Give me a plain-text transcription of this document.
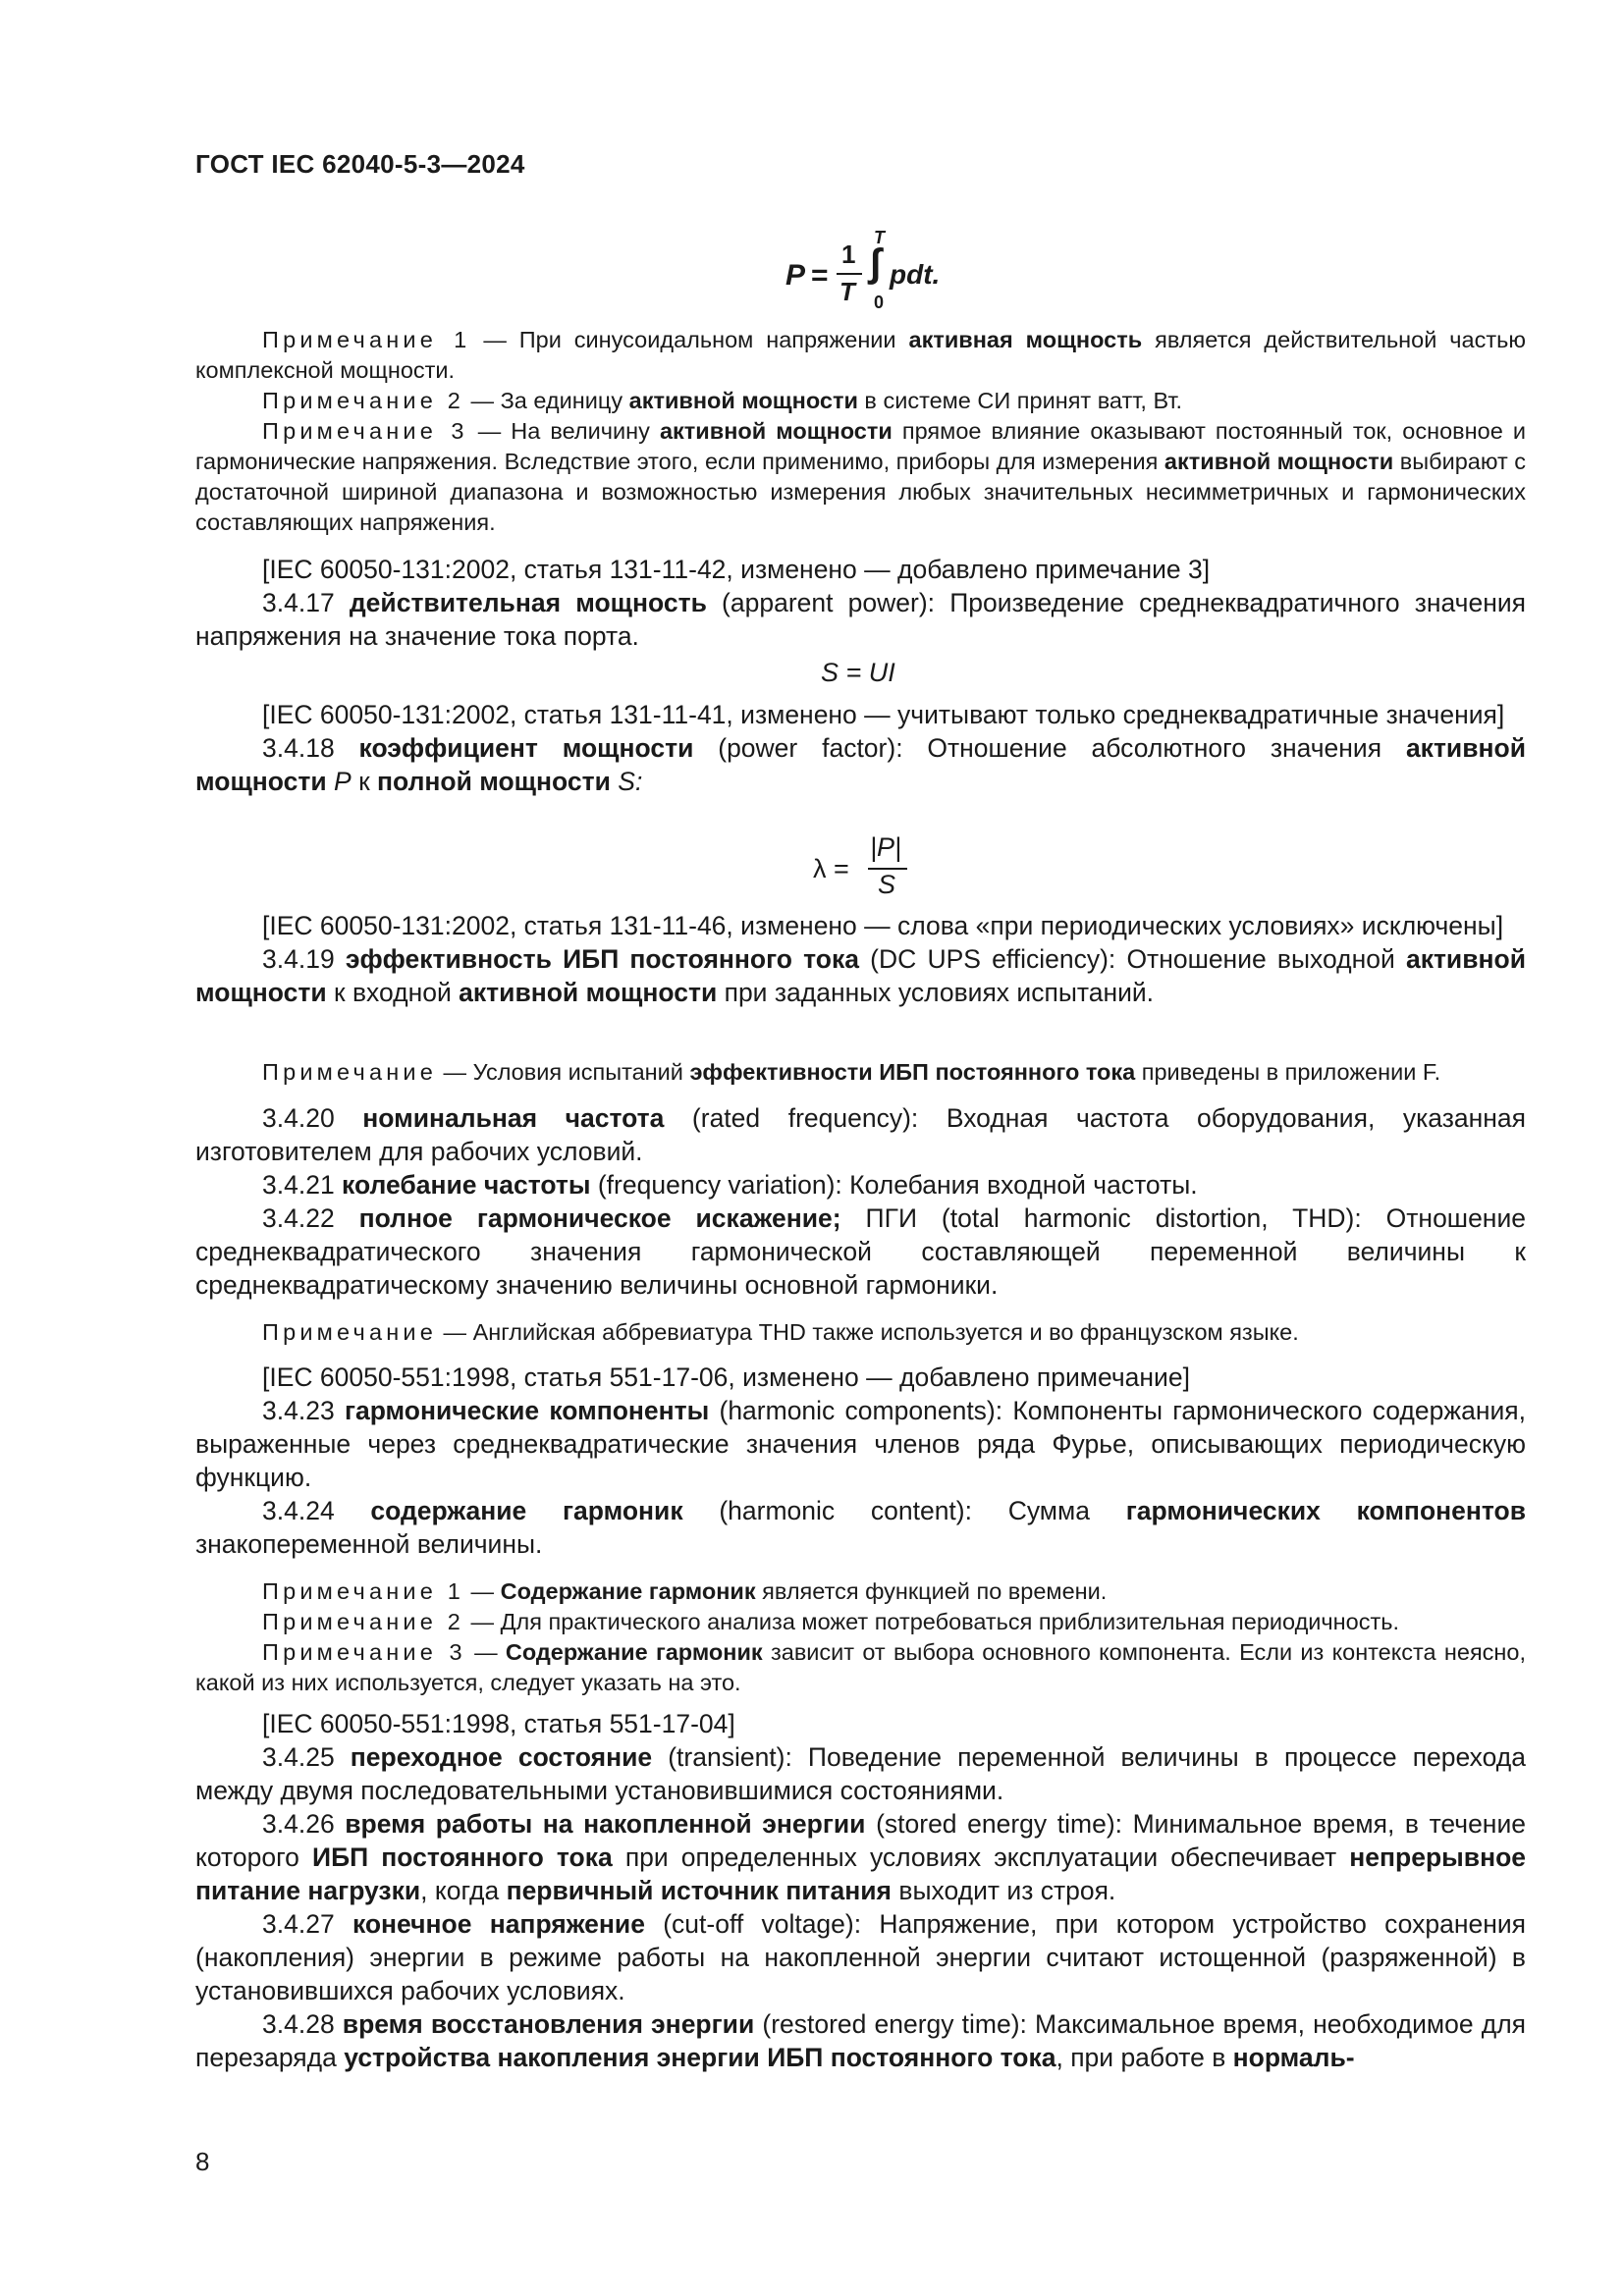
ГОСТ IEC 62040-5-3—2024
P =
1
T
T
∫
0
pdt.

Примечание 1 — При синусоидальном напряжении активная мощность является действительной частью комплексной мощности.

Примечание 2 — За единицу активной мощности в системе СИ принят ватт, Вт.

Примечание 3 — На величину активной мощности прямое влияние оказывают постоянный ток, основное и гармонические напряжения. Вследствие этого, если применимо, приборы для измерения активной мощности выбирают с достаточной шириной диапазона и возможностью измерения любых значительных несимметричных и гармонических составляющих напряжения.

[IEC 60050-131:2002, статья 131-11-42, изменено — добавлено примечание 3]

3.4.17 действительная мощность (apparent power): Произведение среднеквадратичного значения напряжения на значение тока порта.

S = UI

[IEC 60050-131:2002, статья 131-11-41, изменено — учитывают только среднеквадратичные значения]

3.4.18 коэффициент мощности (power factor): Отношение абсолютного значения активной мощности P к полной мощности S:

λ =
|P|
S

[IEC 60050-131:2002, статья 131-11-46, изменено — слова «при периодических условиях» исключены]

3.4.19 эффективность ИБП постоянного тока (DC UPS efficiency): Отношение выходной активной мощности к входной активной мощности при заданных условиях испытаний.

Примечание — Условия испытаний эффективности ИБП постоянного тока приведены в приложении F.

3.4.20 номинальная частота (rated frequency): Входная частота оборудования, указанная изготовителем для рабочих условий.

3.4.21 колебание частоты (frequency variation): Колебания входной частоты.

3.4.22 полное гармоническое искажение; ПГИ (total harmonic distortion, THD): Отношение среднеквадратического значения гармонической составляющей переменной величины к среднеквадратическому значению величины основной гармоники.

Примечание — Английская аббревиатура THD также используется и во французском языке.

[IEC 60050-551:1998, статья 551-17-06, изменено — добавлено примечание]

3.4.23 гармонические компоненты (harmonic components): Компоненты гармонического содержания, выраженные через среднеквадратические значения членов ряда Фурье, описывающих периодическую функцию.

3.4.24 содержание гармоник (harmonic content): Сумма гармонических компонентов знакопеременной величины.

Примечание 1 — Содержание гармоник является функцией по времени.

Примечание 2 — Для практического анализа может потребоваться приблизительная периодичность.

Примечание 3 — Содержание гармоник зависит от выбора основного компонента. Если из контекста неясно, какой из них используется, следует указать на это.

[IEC 60050-551:1998, статья 551-17-04]

3.4.25 переходное состояние (transient): Поведение переменной величины в процессе перехода между двумя последовательными установившимися состояниями.

3.4.26 время работы на накопленной энергии (stored energy time): Минимальное время, в течение которого ИБП постоянного тока при определенных условиях эксплуатации обеспечивает непрерывное питание нагрузки, когда первичный источник питания выходит из строя.

3.4.27 конечное напряжение (cut-off voltage): Напряжение, при котором устройство сохранения (накопления) энергии в режиме работы на накопленной энергии считают истощенной (разряженной) в установившихся рабочих условиях.

3.4.28 время восстановления энергии (restored energy time): Максимальное время, необходимое для перезаряда устройства накопления энергии ИБП постоянного тока, при работе в нормаль-

8
